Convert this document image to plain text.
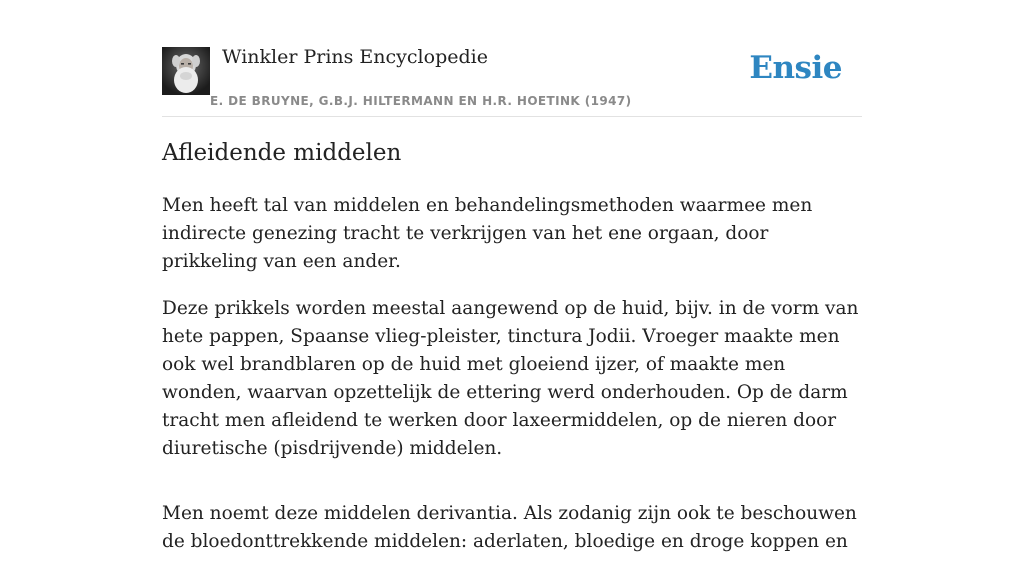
Winkler Prins Encyclopedie
E. DE BRUYNE, G.B.J. HILTERMANN EN H.R. HOETINK (1947)
Ensie
Afleidende middelen

Men heeft tal van middelen en behandelingsmethoden waarmee men indirecte genezing tracht te verkrijgen van het ene orgaan, door prikkeling van een ander.

Deze prikkels worden meestal aangewend op de huid, bijv. in de vorm van hete pappen, Spaanse vlieg-pleister, tinctura Jodii. Vroeger maakte men ook wel brandblaren op de huid met gloeiend ijzer, of maakte men wonden, waarvan opzettelijk de ettering werd onderhouden. Op de darm tracht men afleidend te werken door laxeermiddelen, op de nieren door diuretische (pisdrijvende) middelen.

Men noemt deze middelen derivantia. Als zodanig zijn ook te beschouwen de bloedonttrekkende middelen: aderlaten, bloedige en droge koppen en
